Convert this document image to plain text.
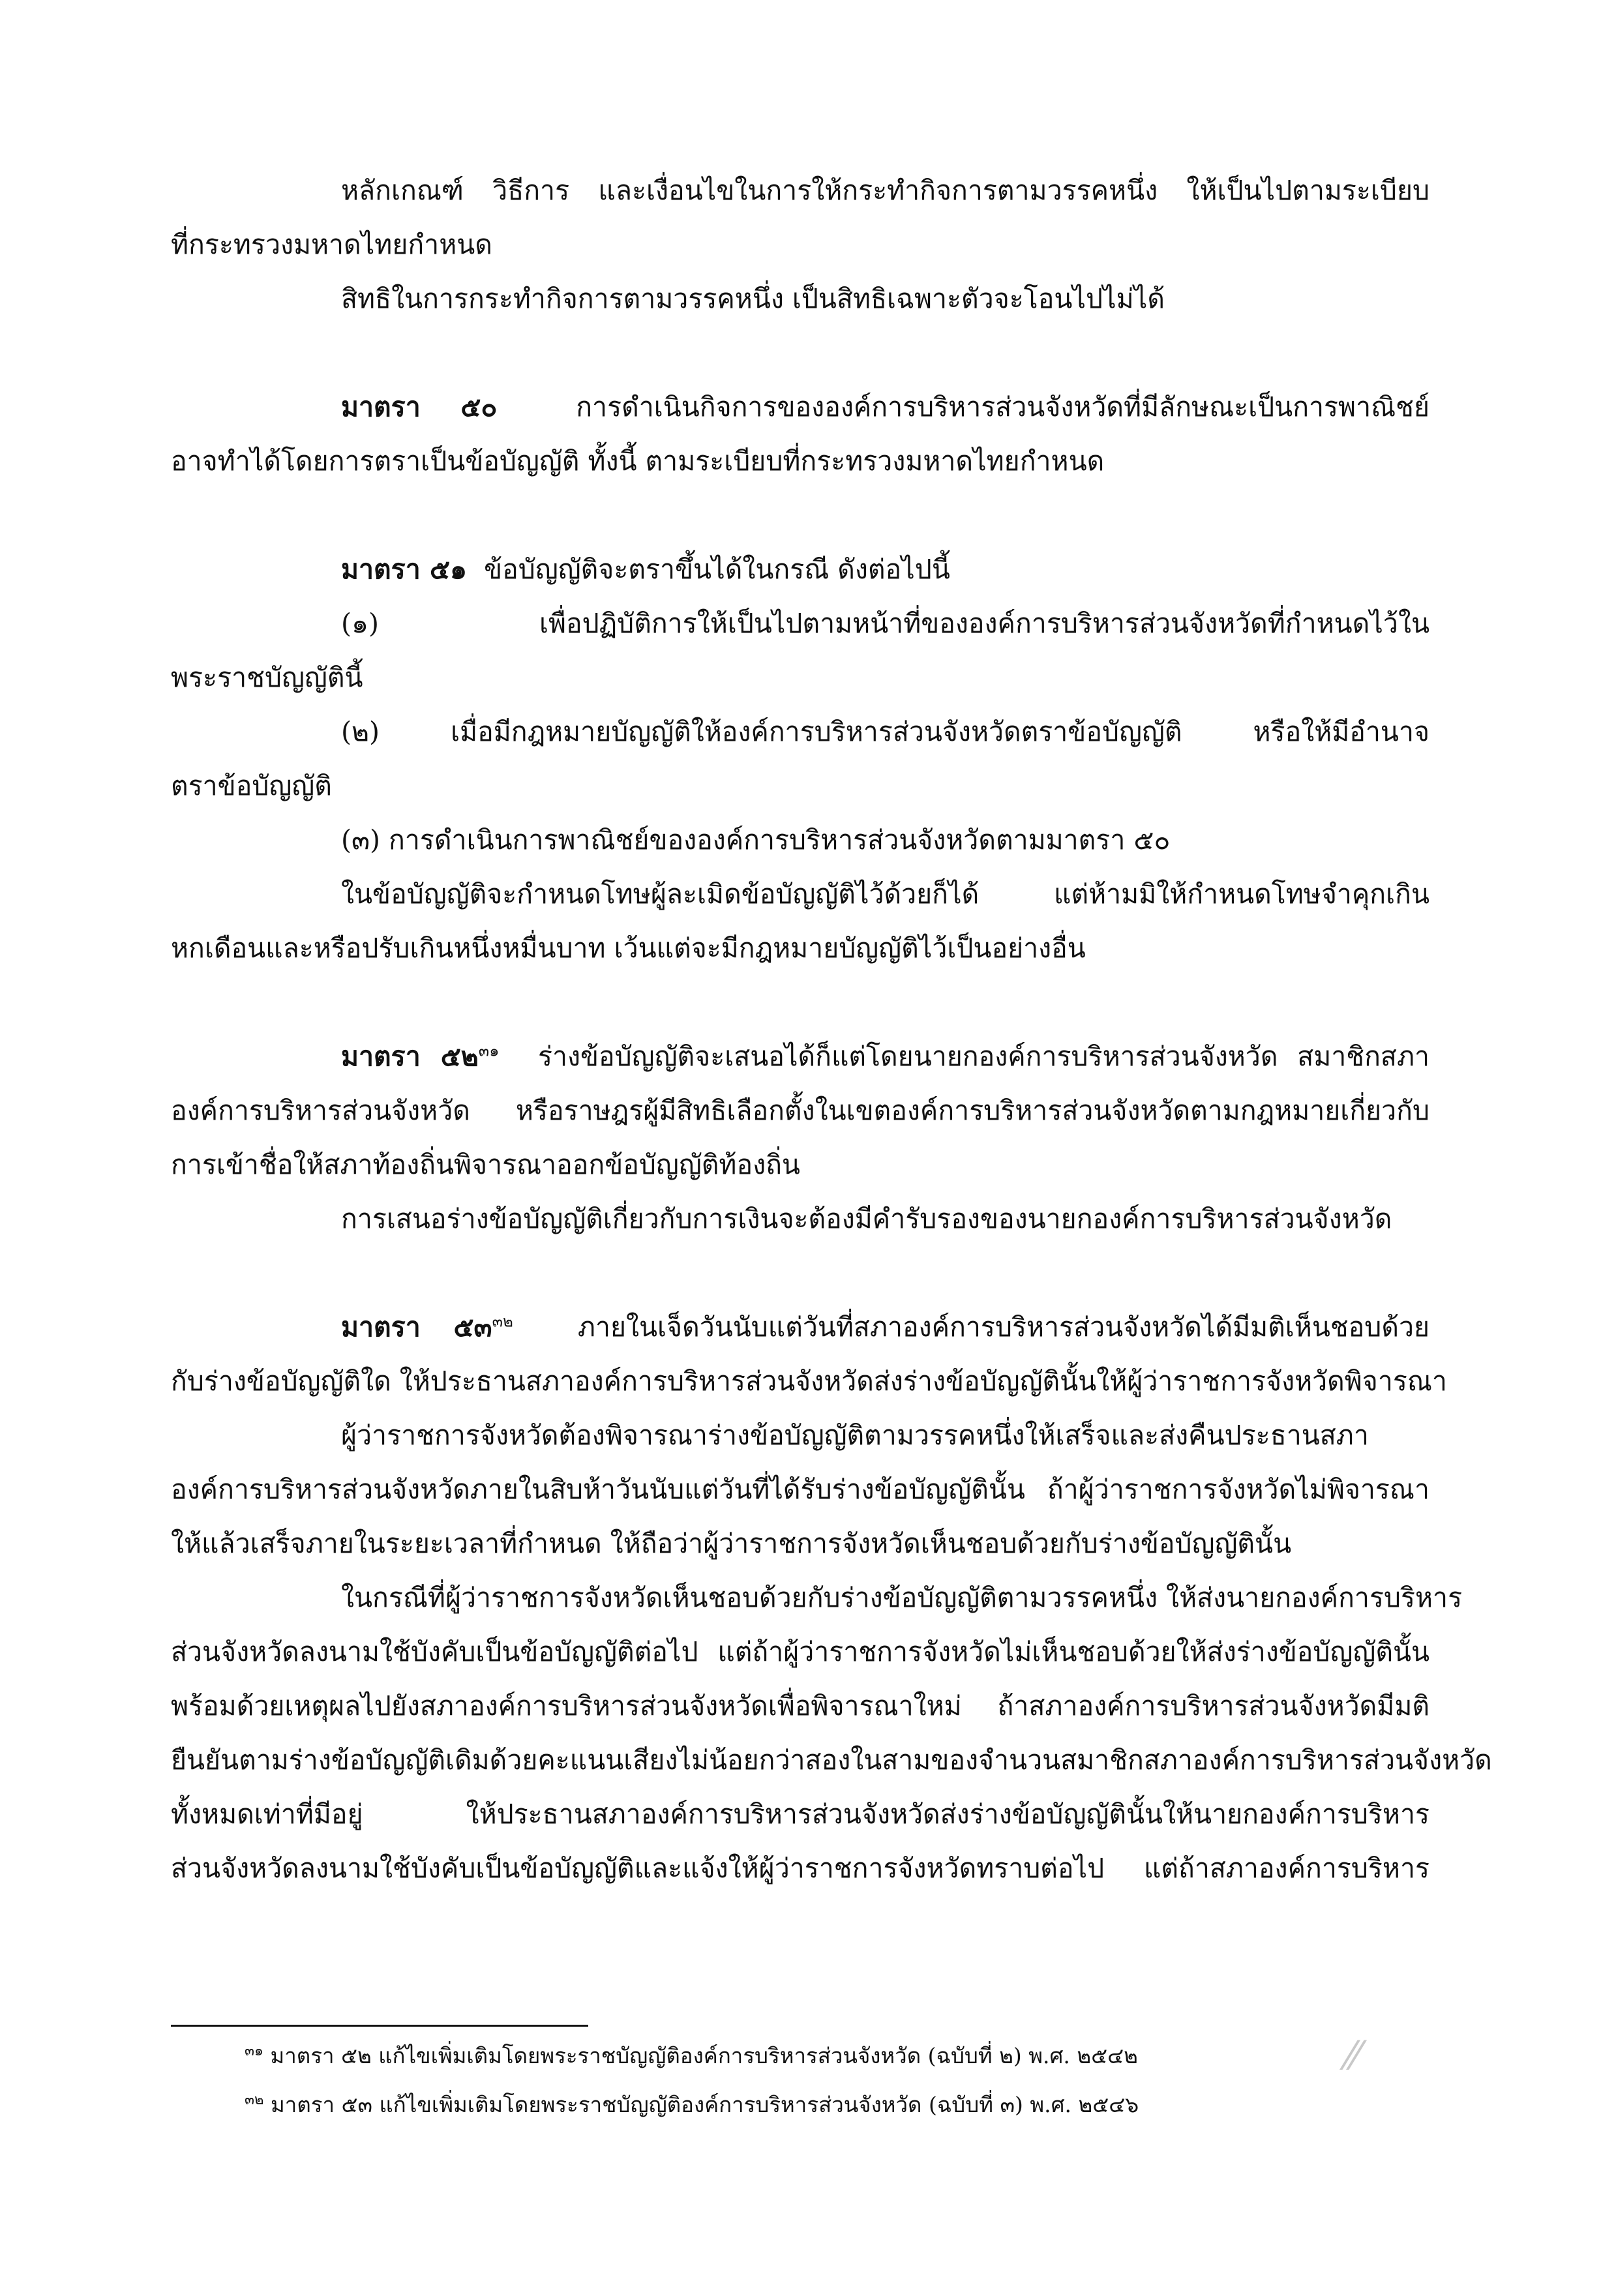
หลักเกณฑ์ วิธีการ และเงื่อนไขในการให้กระทำกิจการตามวรรคหนึ่ง ให้เป็นไปตามระเบียบ
ที่กระทรวงมหาดไทยกำหนด
สิทธิในการกระทำกิจการตามวรรคหนึ่ง เป็นสิทธิเฉพาะตัวจะโอนไปไม่ได้
มาตรา ๕๐	การดำเนินกิจการขององค์การบริหารส่วนจังหวัดที่มีลักษณะเป็นการพาณิชย์
อาจทำได้โดยการตราเป็นข้อบัญญัติ ทั้งนี้ ตามระเบียบที่กระทรวงมหาดไทยกำหนด
มาตรา ๕๑ ข้อบัญญัติจะตราขึ้นได้ในกรณี ดังต่อไปนี้
(๑) เพื่อปฏิบัติการให้เป็นไปตามหน้าที่ขององค์การบริหารส่วนจังหวัดที่กำหนดไว้ใน
พระราชบัญญัตินี้
(๒) เมื่อมีกฎหมายบัญญัติให้องค์การบริหารส่วนจังหวัดตราข้อบัญญัติ หรือให้มีอำนาจ
ตราข้อบัญญัติ
(๓) การดำเนินการพาณิชย์ขององค์การบริหารส่วนจังหวัดตามมาตรา ๕๐
ในข้อบัญญัติจะกำหนดโทษผู้ละเมิดข้อบัญญัติไว้ด้วยก็ได้ แต่ห้ามมิให้กำหนดโทษจำคุกเกิน
หกเดือนและหรือปรับเกินหนึ่งหมื่นบาท เว้นแต่จะมีกฎหมายบัญญัติไว้เป็นอย่างอื่น
มาตรา ๕๒$^{๓๑}$ ร่างข้อบัญญัติจะเสนอได้ก็แต่โดยนายกองค์การบริหารส่วนจังหวัด สมาชิกสภา
องค์การบริหารส่วนจังหวัด หรือราษฎรผู้มีสิทธิเลือกตั้งในเขตองค์การบริหารส่วนจังหวัดตามกฎหมายเกี่ยวกับ
การเข้าชื่อให้สภาท้องถิ่นพิจารณาออกข้อบัญญัติท้องถิ่น
การเสนอร่างข้อบัญญัติเกี่ยวกับการเงินจะต้องมีคำรับรองของนายกองค์การบริหารส่วนจังหวัด
มาตรา ๕๓$^{๓๒}$ ภายในเจ็ดวันนับแต่วันที่สภาองค์การบริหารส่วนจังหวัดได้มีมติเห็นชอบด้วย
กับร่างข้อบัญญัติใด ให้ประธานสภาองค์การบริหารส่วนจังหวัดส่งร่างข้อบัญญัตินั้นให้ผู้ว่าราชการจังหวัดพิจารณา
ผู้ว่าราชการจังหวัดต้องพิจารณาร่างข้อบัญญัติตามวรรคหนึ่งให้เสร็จและส่งคืนประธานสภา
องค์การบริหารส่วนจังหวัดภายในสิบห้าวันนับแต่วันที่ได้รับร่างข้อบัญญัตินั้น ถ้าผู้ว่าราชการจังหวัดไม่พิจารณา
ให้แล้วเสร็จภายในระยะเวลาที่กำหนด ให้ถือว่าผู้ว่าราชการจังหวัดเห็นชอบด้วยกับร่างข้อบัญญัตินั้น
ในกรณีที่ผู้ว่าราชการจังหวัดเห็นชอบด้วยกับร่างข้อบัญญัติตามวรรคหนึ่ง ให้ส่งนายกองค์การบริหาร
ส่วนจังหวัดลงนามใช้บังคับเป็นข้อบัญญัติต่อไป แต่ถ้าผู้ว่าราชการจังหวัดไม่เห็นชอบด้วยให้ส่งร่างข้อบัญญัตินั้น
พร้อมด้วยเหตุผลไปยังสภาองค์การบริหารส่วนจังหวัดเพื่อพิจารณาใหม่ ถ้าสภาองค์การบริหารส่วนจังหวัดมีมติ
ยืนยันตามร่างข้อบัญญัติเดิมด้วยคะแนนเสียงไม่น้อยกว่าสองในสามของจำนวนสมาชิกสภาองค์การบริหารส่วนจังหวัด
ทั้งหมดเท่าที่มีอยู่ ให้ประธานสภาองค์การบริหารส่วนจังหวัดส่งร่างข้อบัญญัตินั้นให้นายกองค์การบริหาร
ส่วนจังหวัดลงนามใช้บังคับเป็นข้อบัญญัติและแจ้งให้ผู้ว่าราชการจังหวัดทราบต่อไป แต่ถ้าสภาองค์การบริหาร
$^{๓๑}$ มาตรา ๕๒ แก้ไขเพิ่มเติมโดยพระราชบัญญัติองค์การบริหารส่วนจังหวัด (ฉบับที่ ๒) พ.ศ. ๒๕๔๒
$^{๓๒}$ มาตรา ๕๓ แก้ไขเพิ่มเติมโดยพระราชบัญญัติองค์การบริหารส่วนจังหวัด (ฉบับที่ ๓) พ.ศ. ๒๕๔๖
⁄⁄
